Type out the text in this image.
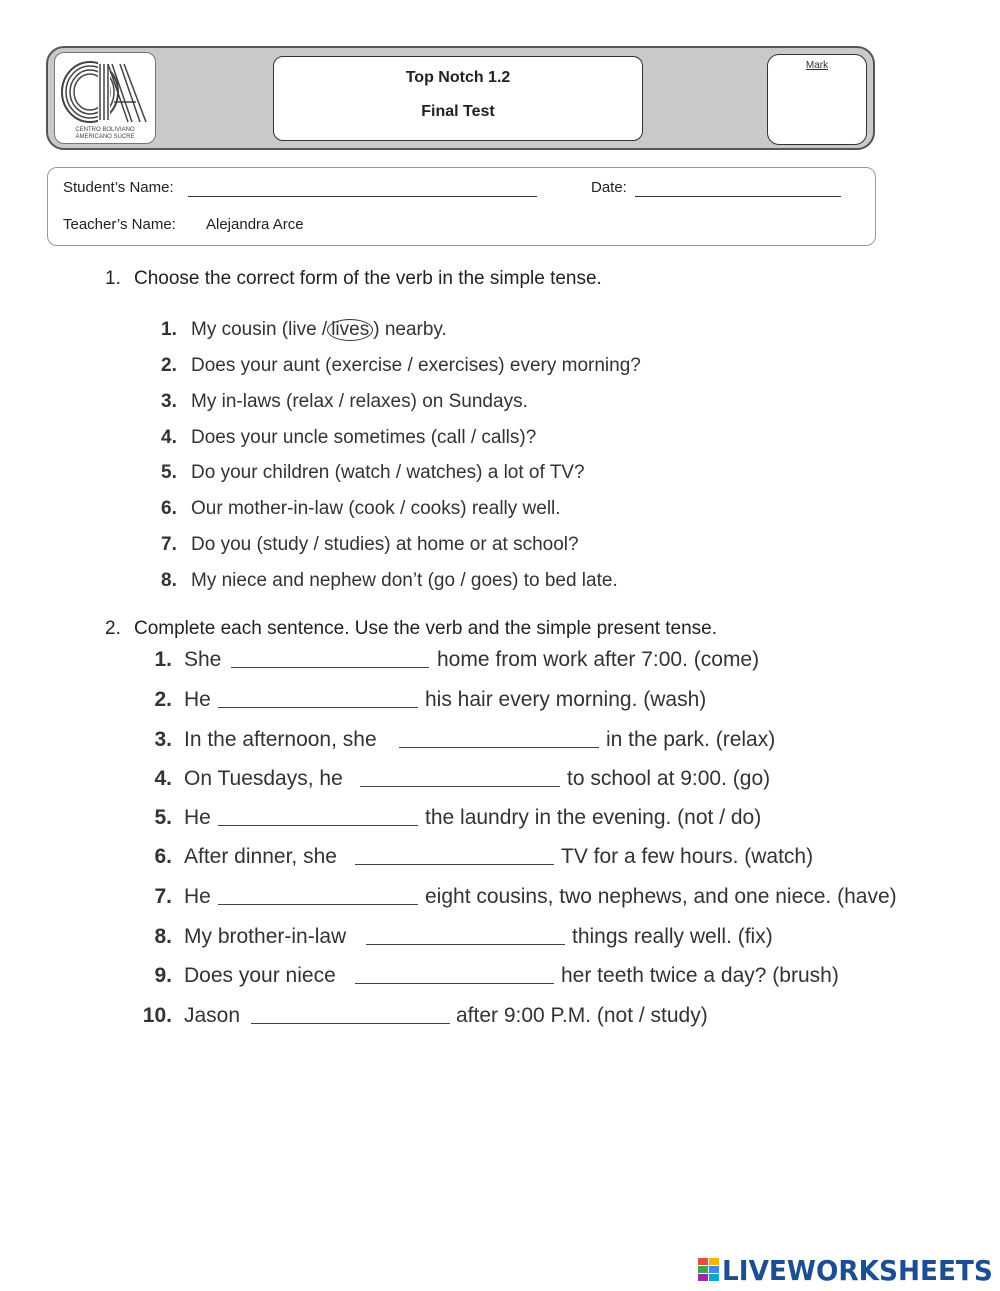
CENTRO BOLIVIANO AMERICANO SUCRE
Top Notch 1.2
Final Test
Mark
Student’s Name:	Date:
Teacher’s Name: Alejandra Arce
1. Choose the correct form of the verb in the simple tense.
1. My cousin (live / lives ) nearby.
2. Does your aunt (exercise / exercises) every morning?
3. My in-laws (relax / relaxes) on Sundays.
4. Does your uncle sometimes (call / calls)?
5. Do your children (watch / watches) a lot of TV?
6. Our mother-in-law (cook / cooks) really well.
7. Do you (study / studies) at home or at school?
8. My niece and nephew don’t (go / goes) to bed late.
2. Complete each sentence. Use the verb and the simple present tense.
1. She	home from work after 7:00. (come)
2. He	his hair every morning. (wash)
3. In the afternoon, she	in the park. (relax)
4. On Tuesdays, he	to school at 9:00. (go)
5. He	the laundry in the evening. (not / do)
6. After dinner, she	TV for a few hours. (watch)
7. He	eight cousins, two nephews, and one niece. (have)
8. My brother-in-law	things really well. (fix)
9. Does your niece	her teeth twice a day? (brush)
10. Jason	after 9:00 P.M. (not / study)
LIVEWORKSHEETS
